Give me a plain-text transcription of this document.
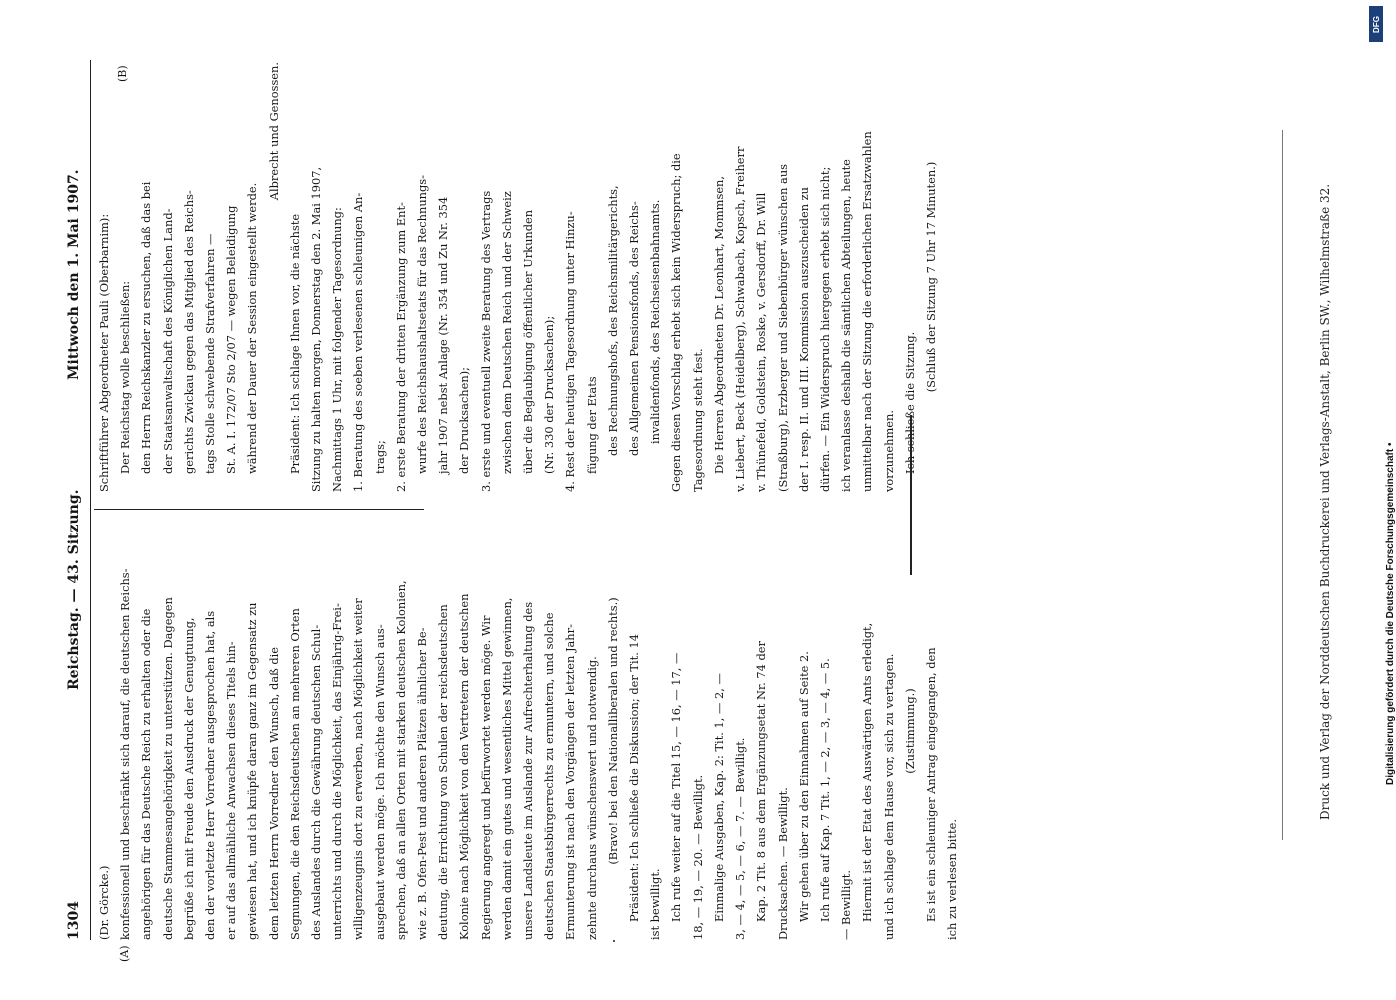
1304
Reichstag. — 43. Sitzung.
Mittwoch den 1. Mai 1907.
(A)
(B)
(Dr. Görcke.) konfessionell und beschränkt sich darauf, die deutschen Reichs- angehörigen für das Deutsche Reich zu erhalten oder die deutsche Stammesangehörigkeit zu unterstützen. Dagegen begrüße ich mit Freude den Ausdruck der Genugtuung, den der vorletzte Herr Vorredner ausgesprochen hat, als er auf das allmähliche Anwachsen dieses Titels hin- gewiesen hat, und ich knüpfe daran ganz im Gegensatz zu dem letzten Herrn Vorredner den Wunsch, daß die Segnungen, die den Reichsdeutschen an mehreren Orten des Auslandes durch die Gewährung deutschen Schul- unterrichts und durch die Möglichkeit, das Einjährig-Frei- willigenzeugnis dort zu erwerben, nach Möglichkeit weiter ausgebaut werden möge. Ich möchte den Wunsch aus- sprechen, daß an allen Orten mit starken deutschen Kolonien, wie z. B. Ofen-Pest und anderen Plätzen ähnlicher Be- deutung, die Errichtung von Schulen der reichsdeutschen Kolonie nach Möglichkeit von den Vertretern der deutschen Regierung angeregt und befürwortet werden möge. Wir werden damit ein gutes und wesentliches Mittel gewinnen, unsere Landsleute im Auslande zur Aufrechterhaltung des deutschen Staatsbürgerrechts zu ermuntern, und solche Ermunterung ist nach den Vorgängen der letzten Jahr- zehnte durchaus wünschenswert und notwendig. (Bravo! bei den Nationalliberalen und rechts.) Präsident: Ich schließe die Diskussion; der Tit. 14 ist bewilligt. Ich rufe weiter auf die Titel 15, — 16, — 17, — 18, — 19, — 20. — Bewilligt. Einmalige Ausgaben, Kap. 2: Tit. 1, — 2, — 3, — 4, — 5, — 6, — 7. — Bewilligt. Kap. 2 Tit. 8 aus dem Ergänzungsetat Nr. 74 der Drucksachen. — Bewilligt. Wir gehen über zu den Einnahmen auf Seite 2. Ich rufe auf Kap. 7 Tit. 1, — 2, — 3, — 4, — 5. — Bewilligt. Hiermit ist der Etat des Auswärtigen Amts erledigt, und ich schlage dem Hause vor, sich zu vertagen. (Zustimmung.) Es ist ein schleuniger Antrag eingegangen, den ich zu verlesen bitte.
Schriftführer Abgeordneter Pauli (Oberbarnim): Der Reichstag wolle beschließen: den Herrn Reichskanzler zu ersuchen, daß das bei der Staatsanwaltschaft des Königlichen Land- gerichts Zwickau gegen das Mitglied des Reichs- tags Stolle schwebende Strafverfahren — St. A. I. 172/07 Sto 2/07 — wegen Beleidigung während der Dauer der Session eingestellt werde.
Albrecht und Genossen.
Präsident: Ich schlage Ihnen vor, die nächste Sitzung zu halten morgen, Donnerstag den 2. Mai 1907, Nachmittags 1 Uhr, mit folgender Tagesordnung: 1. Beratung des soeben verlesenen schleunigen An- trags; 2. erste Beratung der dritten Ergänzung zum Ent- wurfe des Reichshaushaltsetats für das Rechnungs- jahr 1907 nebst Anlage (Nr. 354 und Zu Nr. 354 der Drucksachen); 3. erste und eventuell zweite Beratung des Vertrags zwischen dem Deutschen Reich und der Schweiz über die Beglaubigung öffentlicher Urkunden (Nr. 330 der Drucksachen); 4. Rest der heutigen Tagesordnung unter Hinzu- fügung der Etats des Rechnungshofs, des Reichsmilitärgerichts, des Allgemeinen Pensionsfonds, des Reichs- invalidenfonds, des Reichseisenbahnamts. Gegen diesen Vorschlag erhebt sich kein Widerspruch; die Tagesordnung steht fest. Die Herren Abgeordneten Dr. Leonhart, Mommsen, v. Liebert, Beck (Heidelberg), Schwabach, Kopsch, Freiherr v. Thünefeld, Goldstein, Roske, v. Gersdorff, Dr. Will (Straßburg), Erzberger und Siebenbürger wünschen aus der I. resp. II. und III. Kommission auszuscheiden zu dürfen. — Ein Widerspruch hiergegen erhebt sich nicht; ich veranlasse deshalb die sämtlichen Abteilungen, heute unmittelbar nach der Sitzung die erforderlichen Ersatzwahlen vorzunehmen. Ich schließe die Sitzung.
(Schluß der Sitzung 7 Uhr 17 Minuten.)	Druck und Verlag der Norddeutschen Buchdruckerei und Verlags-Anstalt, Berlin SW., Wilhelmstraße 32.	Digitalisierung gefördert durch die Deutsche Forschungsgemeinschaft •
DFG
